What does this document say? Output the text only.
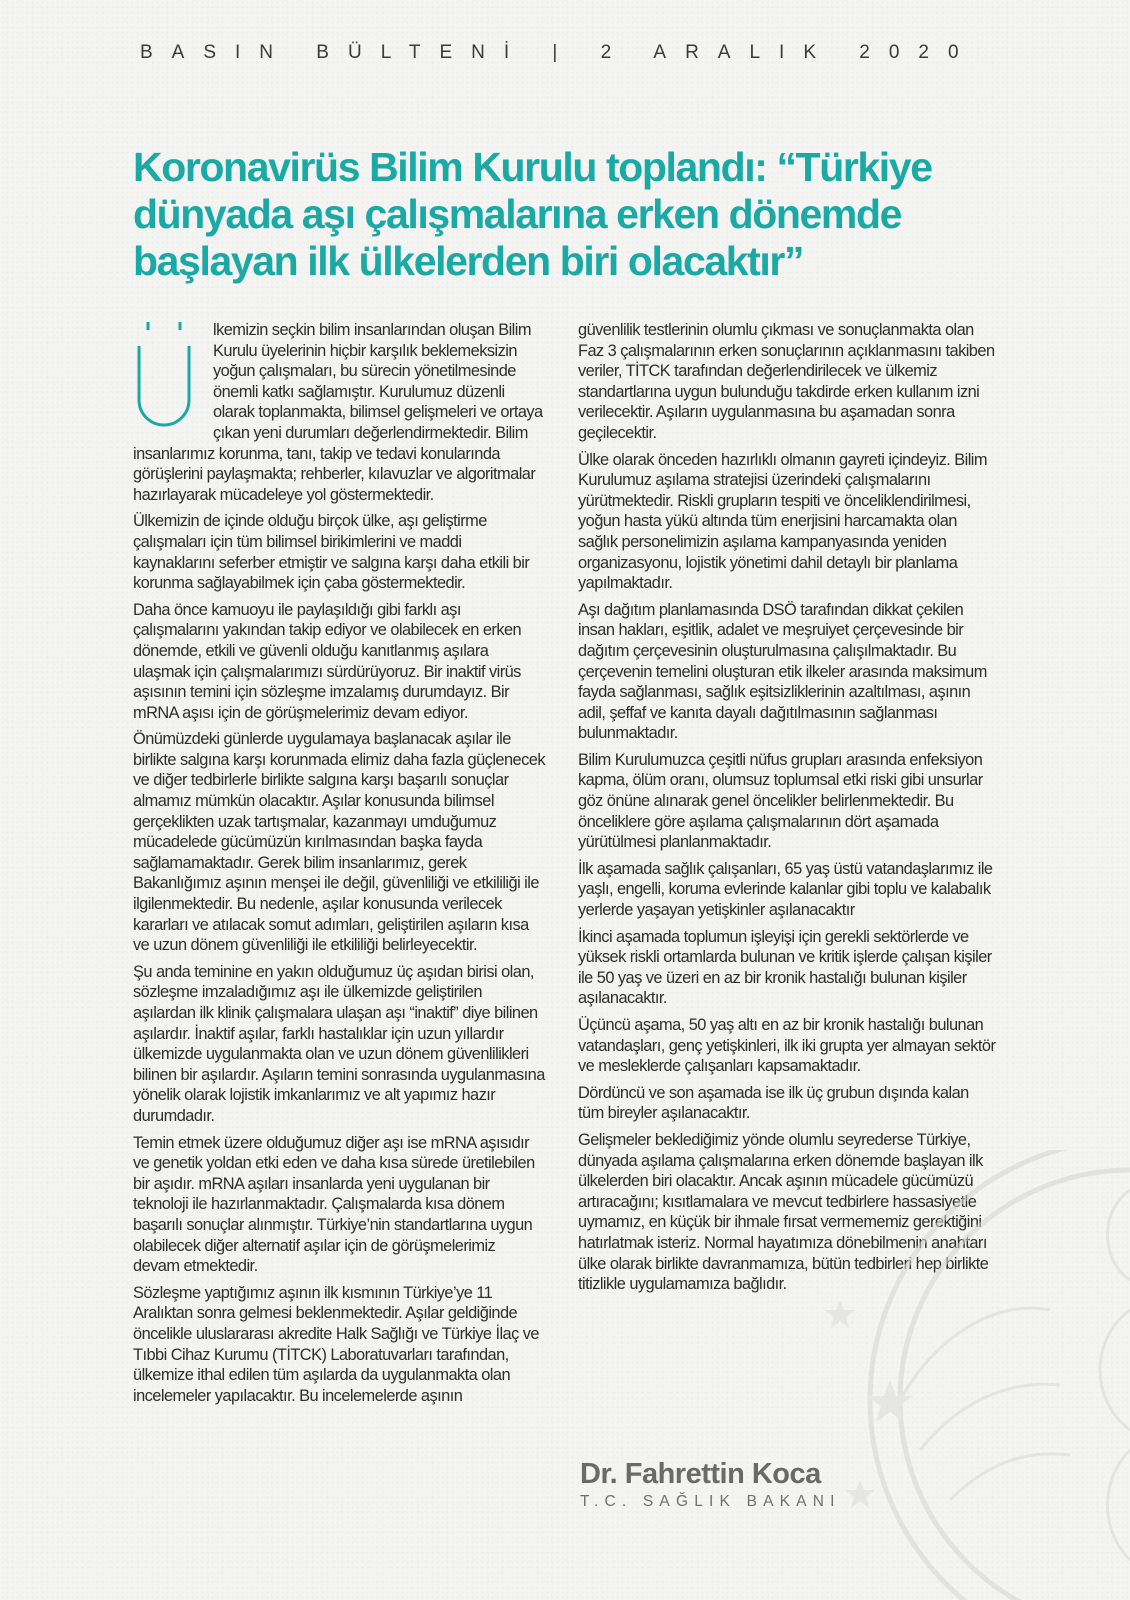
BASIN BÜLTENİ | 2 ARALIK 2020
Koronavirüs Bilim Kurulu toplandı: “Türkiye dünyada aşı çalışmalarına erken dönemde başlayan ilk ülkelerden biri olacaktır”

lkemizin seçkin bilim insanlarından oluşan Bilim Kurulu üyelerinin hiçbir karşılık beklemeksizin yoğun çalışmaları, bu sürecin yönetilmesinde önemli katkı sağlamıştır. Kurulumuz düzenli olarak toplanmakta, bilimsel gelişmeleri ve ortaya çıkan yeni durumları değerlendirmektedir. Bilim insanlarımız korunma, tanı, takip ve tedavi konularında görüşlerini paylaşmakta; rehberler, kılavuzlar ve algoritmalar hazırlayarak mücadeleye yol göstermektedir.

Ülkemizin de içinde olduğu birçok ülke, aşı geliştirme çalışmaları için tüm bilimsel birikimlerini ve maddi kaynaklarını seferber etmiştir ve salgına karşı daha etkili bir korunma sağlayabilmek için çaba göstermektedir.

Daha önce kamuoyu ile paylaşıldığı gibi farklı aşı çalışmalarını yakından takip ediyor ve olabilecek en erken dönemde, etkili ve güvenli olduğu kanıtlanmış aşılara ulaşmak için çalışmalarımızı sürdürüyoruz. Bir inaktif virüs aşısının temini için sözleşme imzalamış durumdayız. Bir mRNA aşısı için de görüşmelerimiz devam ediyor.

Önümüzdeki günlerde uygulamaya başlanacak aşılar ile birlikte salgına karşı korunmada elimiz daha fazla güçlenecek ve diğer tedbirlerle birlikte salgına karşı başarılı sonuçlar almamız mümkün olacaktır. Aşılar konusunda bilimsel gerçeklikten uzak tartışmalar, kazanmayı umduğumuz mücadelede gücümüzün kırılmasından başka fayda sağlamamaktadır. Gerek bilim insanlarımız, gerek Bakanlığımız aşının menşei ile değil, güvenliliği ve etkililiği ile ilgilenmektedir. Bu nedenle, aşılar konusunda verilecek kararları ve atılacak somut adımları, geliştirilen aşıların kısa ve uzun dönem güvenliliği ile etkililiği belirleyecektir.

Şu anda teminine en yakın olduğumuz üç aşıdan birisi olan, sözleşme imzaladığımız aşı ile ülkemizde geliştirilen aşılardan ilk klinik çalışmalara ulaşan aşı “inaktif” diye bilinen aşılardır. İnaktif aşılar, farklı hastalıklar için uzun yıllardır ülkemizde uygulanmakta olan ve uzun dönem güvenlilikleri bilinen bir aşılardır. Aşıların temini sonrasında uygulanmasına yönelik olarak lojistik imkanlarımız ve alt yapımız hazır durumdadır.

Temin etmek üzere olduğumuz diğer aşı ise mRNA aşısıdır ve genetik yoldan etki eden ve daha kısa sürede üretilebilen bir aşıdır. mRNA aşıları insanlarda yeni uygulanan bir teknoloji ile hazırlanmaktadır. Çalışmalarda kısa dönem başarılı sonuçlar alınmıştır. Türkiye’nin standartlarına uygun olabilecek diğer alternatif aşılar için de görüşmelerimiz devam etmektedir.

Sözleşme yaptığımız aşının ilk kısmının Türkiye’ye 11 Aralıktan sonra gelmesi beklenmektedir. Aşılar geldiğinde öncelikle uluslararası akredite Halk Sağlığı ve Türkiye İlaç ve Tıbbi Cihaz Kurumu (TİTCK) Laboratuvarları tarafından, ülkemize ithal edilen tüm aşılarda da uygulanmakta olan incelemeler yapılacaktır. Bu incelemelerde aşının

güvenlilik testlerinin olumlu çıkması ve sonuçlanmakta olan Faz 3 çalışmalarının erken sonuçlarının açıklanmasını takiben veriler, TİTCK tarafından değerlendirilecek ve ülkemiz standartlarına uygun bulunduğu takdirde erken kullanım izni verilecektir. Aşıların uygulanmasına bu aşamadan sonra geçilecektir.

Ülke olarak önceden hazırlıklı olmanın gayreti içindeyiz. Bilim Kurulumuz aşılama stratejisi üzerindeki çalışmalarını yürütmektedir. Riskli grupların tespiti ve önceliklendirilmesi, yoğun hasta yükü altında tüm enerjisini harcamakta olan sağlık personelimizin aşılama kampanyasında yeniden organizasyonu, lojistik yönetimi dahil detaylı bir planlama yapılmaktadır.

Aşı dağıtım planlamasında DSÖ tarafından dikkat çekilen insan hakları, eşitlik, adalet ve meşruiyet çerçevesinde bir dağıtım çerçevesinin oluşturulmasına çalışılmaktadır. Bu çerçevenin temelini oluşturan etik ilkeler arasında maksimum fayda sağlanması, sağlık eşitsizliklerinin azaltılması, aşının adil, şeffaf ve kanıta dayalı dağıtılmasının sağlanması bulunmaktadır.

Bilim Kurulumuzca çeşitli nüfus grupları arasında enfeksiyon kapma, ölüm oranı, olumsuz toplumsal etki riski gibi unsurlar göz önüne alınarak genel öncelikler belirlenmektedir. Bu önceliklere göre aşılama çalışmalarının dört aşamada yürütülmesi planlanmaktadır.

İlk aşamada sağlık çalışanları, 65 yaş üstü vatandaşlarımız ile yaşlı, engelli, koruma evlerinde kalanlar gibi toplu ve kalabalık yerlerde yaşayan yetişkinler aşılanacaktır

İkinci aşamada toplumun işleyişi için gerekli sektörlerde ve yüksek riskli ortamlarda bulunan ve kritik işlerde çalışan kişiler ile 50 yaş ve üzeri en az bir kronik hastalığı bulunan kişiler aşılanacaktır.

Üçüncü aşama, 50 yaş altı en az bir kronik hastalığı bulunan vatandaşları, genç yetişkinleri, ilk iki grupta yer almayan sektör ve mesleklerde çalışanları kapsamaktadır.

Dördüncü ve son aşamada ise ilk üç grubun dışında kalan tüm bireyler aşılanacaktır.

Gelişmeler beklediğimiz yönde olumlu seyrederse Türkiye, dünyada aşılama çalışmalarına erken dönemde başlayan ilk ülkelerden biri olacaktır. Ancak aşının mücadele gücümüzü artıracağını; kısıtlamalara ve mevcut tedbirlere hassasiyetle uymamız, en küçük bir ihmale fırsat vermememiz gerektiğini hatırlatmak isteriz. Normal hayatımıza dönebilmenin anahtarı ülke olarak birlikte davranmamıza, bütün tedbirleri hep birlikte titizlikle uygulamamıza bağlıdır.

Dr. Fahrettin Koca
T.C. SAĞLIK BAKANI
